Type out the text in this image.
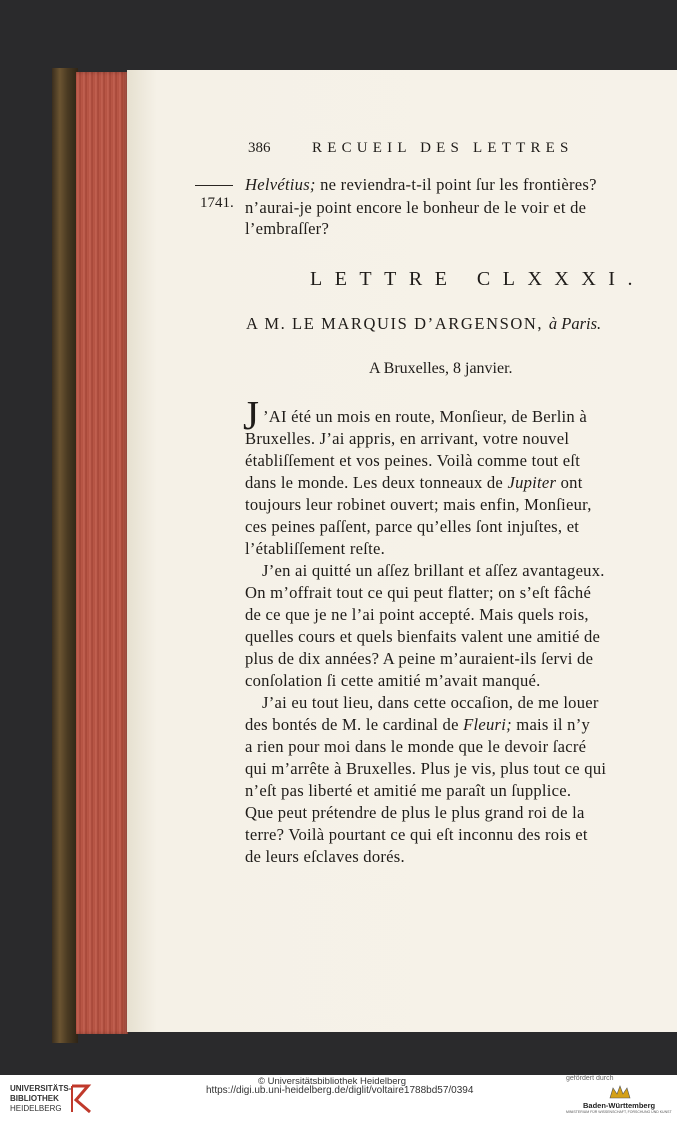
386	RECUEIL DES LETTRES
Helvétius; ne reviendra-t-il point ſur les frontières?
1741. n’aurai-je point encore le bonheur de le voir et de
l’embraſſer?
LETTRE CLXXXI.
A M. LE MARQUIS D’ARGENSON, à Paris.
A Bruxelles, 8 janvier.
J ’AI été un mois en route, Monſieur, de Berlin à
Bruxelles. J’ai appris, en arrivant, votre nouvel
établiſſement et vos peines. Voilà comme tout eſt
dans le monde. Les deux tonneaux de Jupiter ont
toujours leur robinet ouvert; mais enfin, Monſieur,
ces peines paſſent, parce qu’elles ſont injuſtes, et
l’établiſſement reſte.
J’en ai quitté un aſſez brillant et aſſez avantageux.
On m’offrait tout ce qui peut flatter; on s’eſt fâché
de ce que je ne l’ai point accepté. Mais quels rois,
quelles cours et quels bienfaits valent une amitié de
plus de dix années? A peine m’auraient-ils ſervi de
conſolation ſi cette amitié m’avait manqué.
J’ai eu tout lieu, dans cette occaſion, de me louer
des bontés de M. le cardinal de Fleuri; mais il n’y
a rien pour moi dans le monde que le devoir ſacré
qui m’arrête à Bruxelles. Plus je vis, plus tout ce qui
n’eſt pas liberté et amitié me paraît un ſupplice.
Que peut prétendre de plus le plus grand roi de la
terre? Voilà pourtant ce qui eſt inconnu des rois et
de leurs eſclaves dorés.
UNIVERSITÄTS-
BIBLIOTHEK
HEIDELBERG
© Universitätsbibliothek Heidelberg
https://digi.ub.uni-heidelberg.de/diglit/voltaire1788bd57/0394
gefördert durch
Baden-Württemberg
MINISTERIUM FÜR WISSENSCHAFT, FORSCHUNG UND KUNST
